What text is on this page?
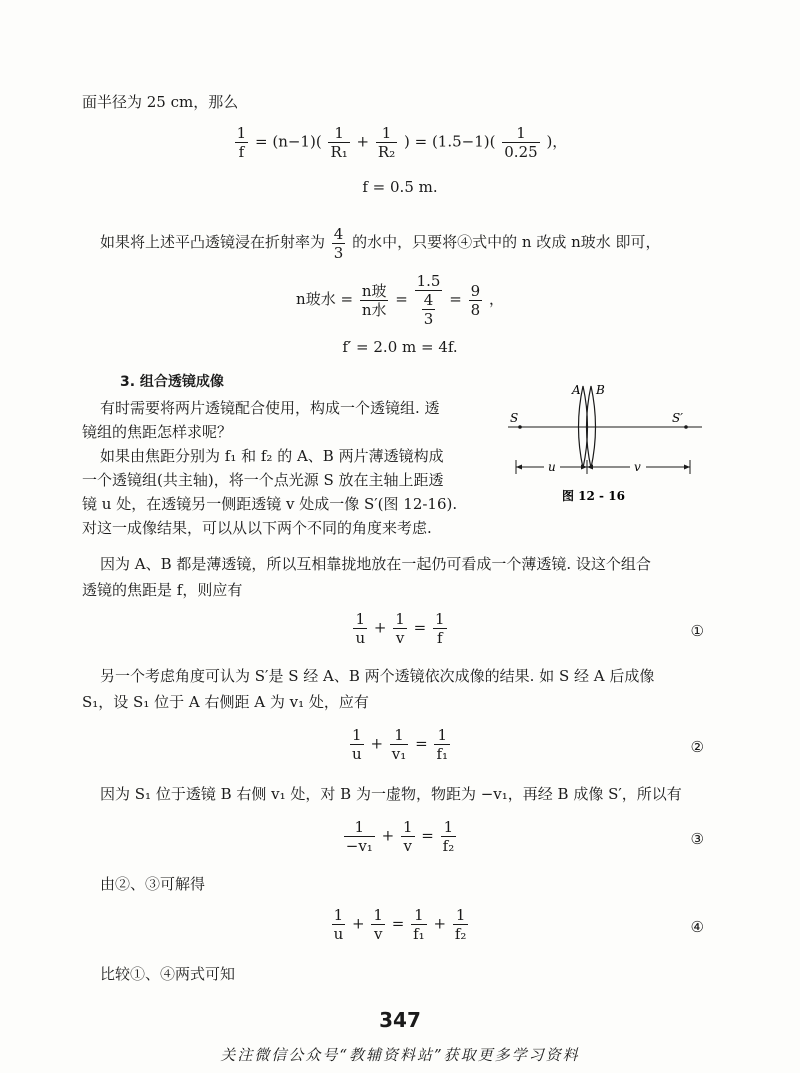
面半径为 25 cm，那么
$\frac{1}{f} = (n-1)( \frac{1}{\text{R₁}} + \frac{1}{\text{R₂}}$ ) = $(1.5-1)( \frac{1}{0.25}$ )，
f = 0.5 m.
如果将上述平凸透镜浸在折射率为 $\frac{4}{3}$ 的水中，只要将④式中的 n 改成 n玻水 即可，
n玻水 = $\frac{\text{n玻}}{\text{n水}} = \frac{1.5}{\frac{4}{3}} = \frac{9}{8}$ ，
f′ = 2.0 m = 4f.
3. 组合透镜成像
有时需要将两片透镜配合使用，构成一个透镜组. 透
镜组的焦距怎样求呢？
如果由焦距分别为 f₁ 和 f₂ 的 A、B 两片薄透镜构成
一个透镜组(共主轴)，将一个点光源 S 放在主轴上距透
镜 u 处，在透镜另一侧距透镜 v 处成一像 S′(图 12-16).
对这一成像结果，可以从以下两个不同的角度来考虑.
A B
S	S′
u	v
图 12 - 16
因为 A、B 都是薄透镜，所以互相靠拢地放在一起仍可看成一个薄透镜. 设这个组合
透镜的焦距是 f，则应有
$\frac{1}{u} + \frac{1}{v} = \frac{1}{f}$	①
另一个考虑角度可认为 S′是 S 经 A、B 两个透镜依次成像的结果. 如 S 经 A 后成像
S₁，设 S₁ 位于 A 右侧距 A 为 v₁ 处，应有
$\frac{1}{u} + \frac{1}{\text{v₁}} = \frac{1}{\text{f₁}}$	②
因为 S₁ 位于透镜 B 右侧 v₁ 处，对 B 为一虚物，物距为 −v₁，再经 B 成像 S′，所以有
$\frac{1}{\text{−v₁}} + \frac{1}{v} = \frac{1}{\text{f₂}}$	③
由②、③可解得
$\frac{1}{u} + \frac{1}{v} = \frac{1}{\text{f₁}} + \frac{1}{\text{f₂}}$	④
比较①、④两式可知
347
关注微信公众号“教辅资料站”获取更多学习资料
